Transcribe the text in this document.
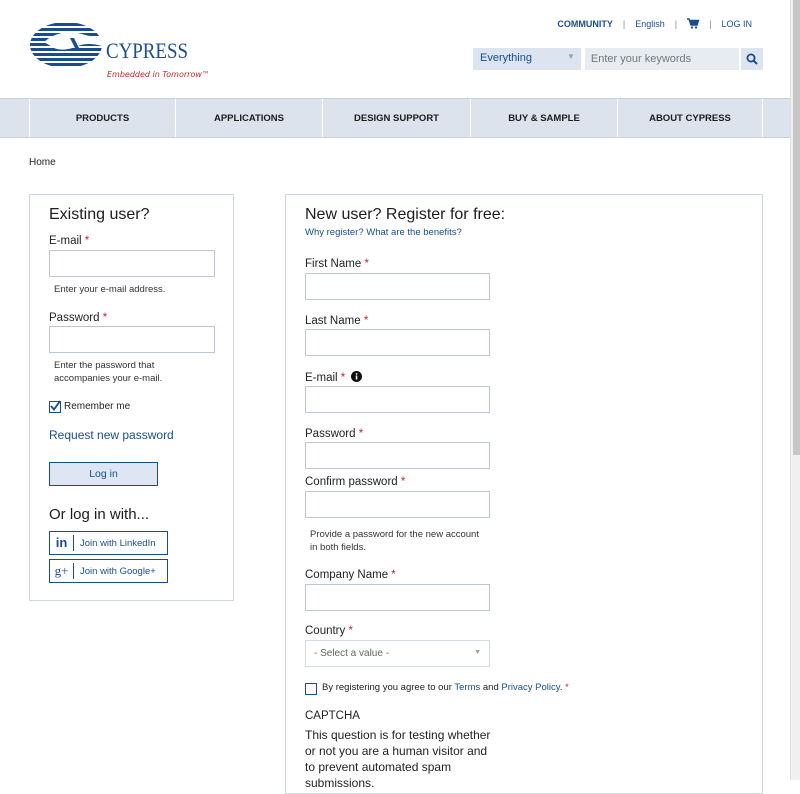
CYPRESS
Embedded in Tomorrow™
COMMUNITY | English |	| LOG IN
Everything	▼
Enter your keywords
PRODUCTS	APPLICATIONS	DESIGN SUPPORT	BUY & SAMPLE	ABOUT CYPRESS
Home
Existing user?
E-mail *
Enter your e-mail address.
Password *
Enter the password that
accompanies your e-mail.
Remember me
Request new password
Log in
Or log in with...
in	Join with LinkedIn
g+	Join with Google+
New user? Register for free:
Why register? What are the benefits?
First Name *
Last Name *
E-mail *
Password *
Confirm password *
Provide a password for the new account
in both fields.
Company Name *
Country *
- Select a value -	▼
By registering you agree to our Terms and Privacy Policy. *
CAPTCHA
This question is for testing whether or not you are a human visitor and to prevent automated spam submissions.
